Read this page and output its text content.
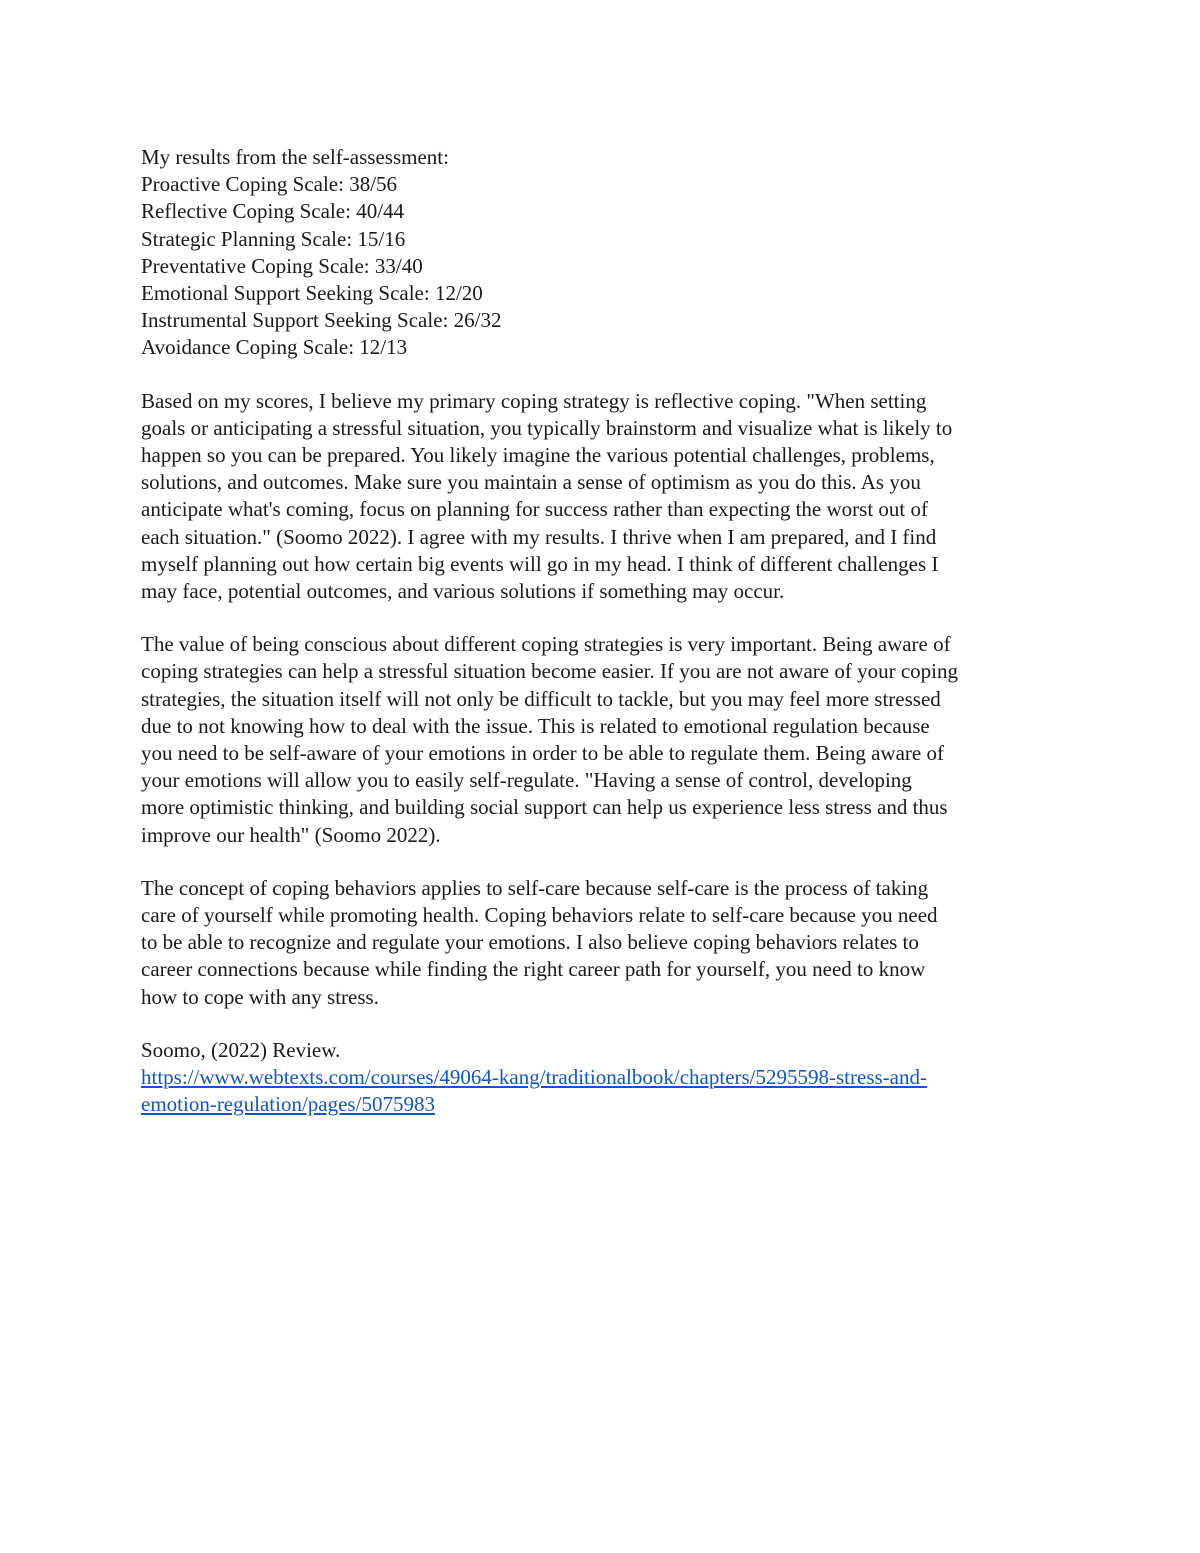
My results from the self-assessment:
Proactive Coping Scale: 38/56
Reflective Coping Scale: 40/44
Strategic Planning Scale: 15/16
Preventative Coping Scale: 33/40
Emotional Support Seeking Scale: 12/20
Instrumental Support Seeking Scale: 26/32
Avoidance Coping Scale: 12/13
Based on my scores, I believe my primary coping strategy is reflective coping. "When setting
goals or anticipating a stressful situation, you typically brainstorm and visualize what is likely to
happen so you can be prepared. You likely imagine the various potential challenges, problems,
solutions, and outcomes. Make sure you maintain a sense of optimism as you do this. As you
anticipate what's coming, focus on planning for success rather than expecting the worst out of
each situation." (Soomo 2022). I agree with my results. I thrive when I am prepared, and I find
myself planning out how certain big events will go in my head. I think of different challenges I
may face, potential outcomes, and various solutions if something may occur.
The value of being conscious about different coping strategies is very important. Being aware of
coping strategies can help a stressful situation become easier. If you are not aware of your coping
strategies, the situation itself will not only be difficult to tackle, but you may feel more stressed
due to not knowing how to deal with the issue. This is related to emotional regulation because
you need to be self-aware of your emotions in order to be able to regulate them. Being aware of
your emotions will allow you to easily self-regulate. "Having a sense of control, developing
more optimistic thinking, and building social support can help us experience less stress and thus
improve our health" (Soomo 2022).
The concept of coping behaviors applies to self-care because self-care is the process of taking
care of yourself while promoting health. Coping behaviors relate to self-care because you need
to be able to recognize and regulate your emotions. I also believe coping behaviors relates to
career connections because while finding the right career path for yourself, you need to know
how to cope with any stress.
Soomo, (2022) Review.
https://www.webtexts.com/courses/49064-kang/traditionalbook/chapters/5295598-stress-and-
emotion-regulation/pages/5075983
